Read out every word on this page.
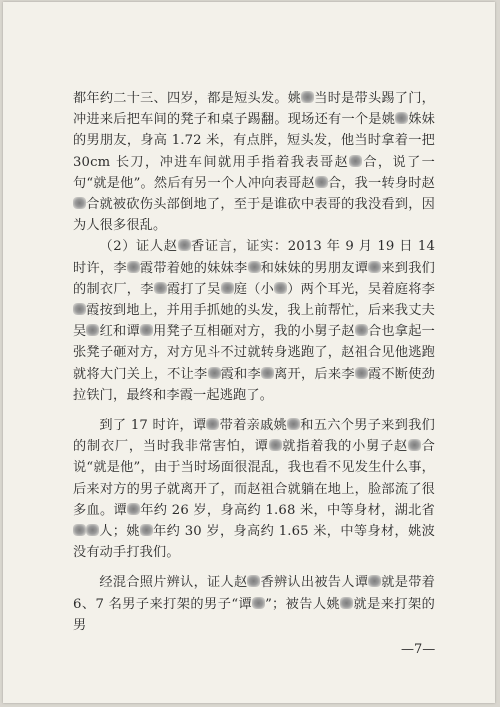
都年约二十三、四岁，都是短头发。姚 当时是带头踢了门，冲进来后把车间的凳子和桌子踢翻。现场还有一个是姚 姝妹的男朋友，身高 1.72 米，有点胖，短头发，他当时拿着一把 30cm 长刀，冲进车间就用手指着我表哥赵 合，说了一句“就是他”。然后有另一个人冲向表哥赵 合，我一转身时赵合就被砍伤头部倒地了，至于是谁砍中表哥的我没看到，因为人很多很乱。

（2）证人赵 香证言，证实：2013 年 9 月 19 日 14 时许，李 霞带着她的妹妹李 和妹妹的男朋友谭 来到我们的制衣厂，李 霞打了吴 庭（小 ）两个耳光，吴着庭将李霞按到地上，并用手抓她的头发，我上前帮忙，后来我丈夫吴 红和谭 用凳子互相砸对方，我的小舅子赵 合也拿起一张凳子砸对方，对方见斗不过就转身逃跑了，赵祖合见他逃跑就将大门关上，不让李 霞和李 离开，后来李 霞不断使劲拉铁门，最终和李霞一起逃跑了。

到了 17 时许，谭 带着亲戚姚 和五六个男子来到我们的制衣厂，当时我非常害怕，谭 就指着我的小舅子赵 合说“就是他”，由于当时场面很混乱，我也看不见发生什么事，后来对方的男子就离开了，而赵祖合就躺在地上，脸部流了很多血。谭 年约 26 岁，身高约 1.68 米，中等身材，湖北省人；姚 年约 30 岁，身高约 1.65 米，中等身材，姚波没有动手打我们。

经混合照片辨认，证人赵 香辨认出被告人谭 就是带着 6、7 名男子来打架的男子“谭 ”；被告人姚 就是来打架的男

—7—
